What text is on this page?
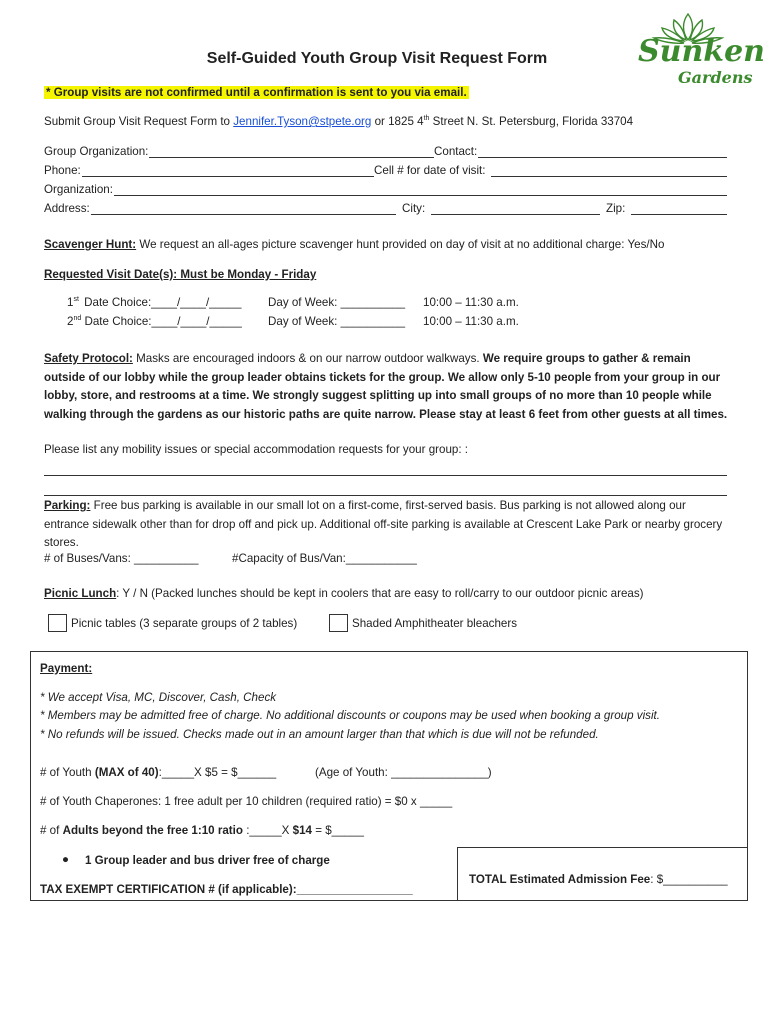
Sunken
Gardens
Self-Guided Youth Group Visit Request Form
* Group visits are not confirmed until a confirmation is sent to you via email.
Submit Group Visit Request Form to Jennifer.Tyson@stpete.org or 1825 4th Street N. St. Petersburg, Florida 33704
Group Organization:	Contact:
Phone:	Cell # for date of visit:
Organization:
Address:	City:	Zip:
Scavenger Hunt: We request an all-ages picture scavenger hunt provided on day of visit at no additional charge: Yes/No
Requested Visit Date(s): Must be Monday - Friday
1st Date Choice:____/____/_____ Day of Week: __________ 10:00 – 11:30 a.m.
2nd Date Choice:____/____/_____ Day of Week: __________ 10:00 – 11:30 a.m.
Safety Protocol: Masks are encouraged indoors & on our narrow outdoor walkways. We require groups to gather & remain outside of our lobby while the group leader obtains tickets for the group. We allow only 5-10 people from your group in our lobby, store, and restrooms at a time. We strongly suggest splitting up into small groups of no more than 10 people while walking through the gardens as our historic paths are quite narrow. Please stay at least 6 feet from other guests at all times.
Please list any mobility issues or special accommodation requests for your group: :
Parking: Free bus parking is available in our small lot on a first-come, first-served basis. Bus parking is not allowed along our entrance sidewalk other than for drop off and pick up. Additional off-site parking is available at Crescent Lake Park or nearby grocery stores.
# of Buses/Vans: __________	#Capacity of Bus/Van:___________
Picnic Lunch: Y / N (Packed lunches should be kept in coolers that are easy to roll/carry to our outdoor picnic areas)
Picnic tables (3 separate groups of 2 tables)	Shaded Amphitheater bleachers
Payment:
* We accept Visa, MC, Discover, Cash, Check
* Members may be admitted free of charge. No additional discounts or coupons may be used when booking a group visit.
* No refunds will be issued. Checks made out in an amount larger than that which is due will not be refunded.
# of Youth (MAX of 40):_____X $5 = $______	(Age of Youth: _______________)
# of Youth Chaperones: 1 free adult per 10 children (required ratio) = $0 x _____
# of Adults beyond the free 1:10 ratio :_____X $14 = $_____
● 1 Group leader and bus driver free of charge
TAX EXEMPT CERTIFICATION # (if applicable):__________________
TOTAL Estimated Admission Fee: $__________
